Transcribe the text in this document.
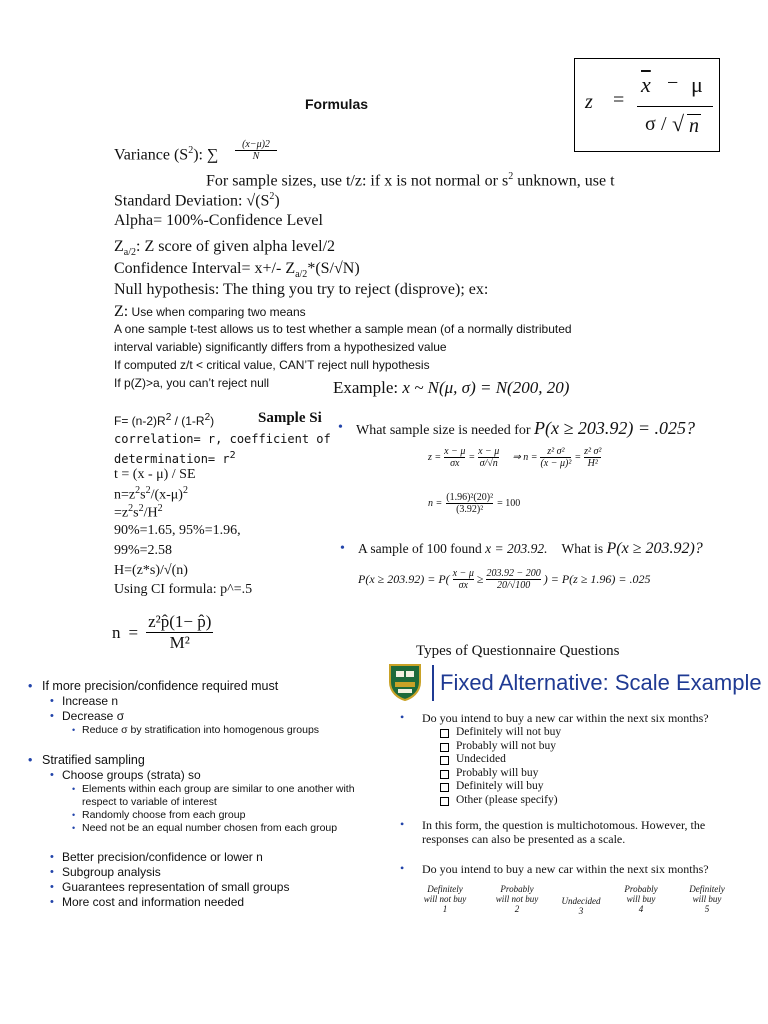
z =
$\overline{x} - \mu$
σ / √ n
Formulas
Variance $(S^2)$: ∑ $\frac{(x-\mu)2}{N}$
For sample sizes, use t/z: if x is not normal or $s^2$ unknown, use t
Standard Deviation: $√(S^2)$
Alpha= 100%-Confidence Level
$Z_{a/2}$: Z score of given alpha level/2
Confidence Interval= x+/- $Z_{a/2}*(S/√N)$
Null hypothesis: The thing you try to reject (disprove); ex:
Z: Use when comparing two means
A one sample t-test allows us to test whether a sample mean (of a normally distributed
interval variable) significantly differs from a hypothesized value
If computed z/t < critical value, CAN’T reject null hypothesis
If p(Z)>a, you can’t reject null	Example: x ~ N(μ, σ) = N(200, 20)
$F= (n-2)R^2 / (1-R^2)$	Sample Si
correlation= r, coefficient of
determination= $r^2$
t = (x - μ) / SE
$n=z^2s^2/(x-\mu)^2$
$=z^2s^2/H^2$
90%=1.65, 95%=1.96,
99%=2.58
H=(z*s)/√(n)
Using CI formula: p^=.5
• What sample size is needed for P(x ≥ 203.92) = .025?
$z = \frac{x - \mu}{\sigma x} = \frac{x - \mu}{\sigma/√n}$ ⇒ $n = \frac{\text{z² σ²}}{\text{(x − μ)²}} = \frac{\text{z² σ²}}{\text{H²}}$
$n = \frac{\text{(1.96)²(20)²}}{\text{(3.92)²}} = 100$
• A sample of 100 found x = 203.92. What is P(x ≥ 203.92)?
$P(x \ge 203.92) = P( \frac{x - \mu}{\sigma x} \ge \frac{203.92 - 200}{20/√100}$ ) = P(z ≥ 1.96) = .025
$n = \frac{\text{z²p̂(1− p̂)}}{\text{M²}}$
• If more precision/confidence required must
• Increase n
• Decrease σ
• Reduce σ by stratification into homogenous groups
• Stratified sampling
• Choose groups (strata) so
• Elements within each group are similar to one another with
respect to variable of interest
• Randomly choose from each group
• Need not be an equal number chosen from each group
• Better precision/confidence or lower n
• Subgroup analysis
• Guarantees representation of small groups
• More cost and information needed
Types of Questionnaire Questions
Fixed Alternative: Scale Example
• Do you intend to buy a new car within the next six months?
Definitely will not buy
Probably will not buy
Undecided
Probably will buy
Definitely will buy
Other (please specify)
• In this form, the question is multichotomous. However, the
responses can also be presented as a scale.
• Do you intend to buy a new car within the next six months?
Definitely
will not buy
1
Probably
will not buy
2
Undecided
3
Probably
will buy
4
Definitely
will buy
5
